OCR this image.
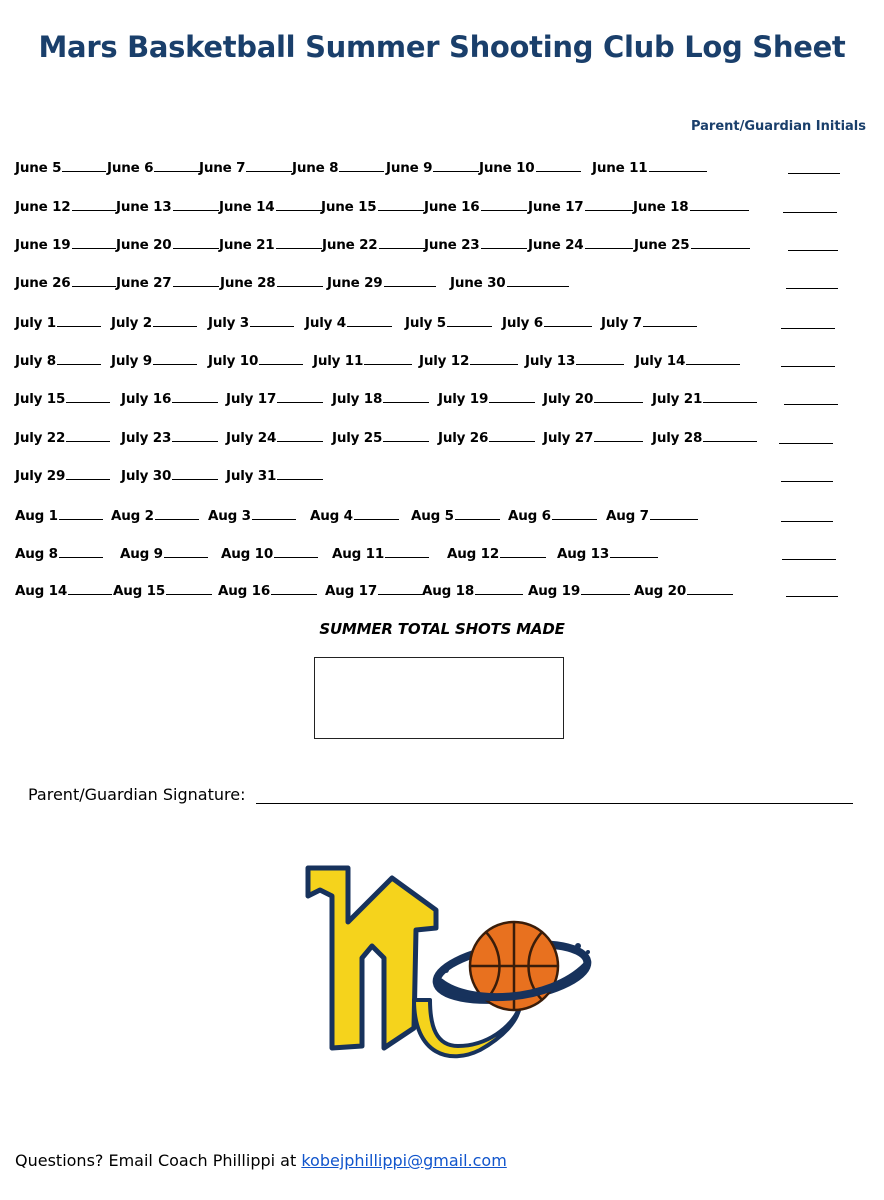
Mars Basketball Summer Shooting Club Log Sheet
Parent/Guardian Initials
June 5	June 6	June 7	June 8	June 9	June 10	June 11
June 12	June 13	June 14	June 15	June 16	June 17	June 18
June 19	June 20	June 21	June 22	June 23	June 24	June 25
June 26	June 27	June 28	June 29	June 30
July 1	July 2	July 3	July 4	July 5	July 6	July 7
July 8	July 9	July 10	July 11	July 12	July 13	July 14
July 15	July 16	July 17	July 18	July 19	July 20	July 21
July 22	July 23	July 24	July 25	July 26	July 27	July 28
July 29	July 30	July 31
Aug 1	Aug 2	Aug 3	Aug 4	Aug 5	Aug 6	Aug 7
Aug 8	Aug 9	Aug 10	Aug 11	Aug 12	Aug 13
Aug 14	Aug 15	Aug 16	Aug 17	Aug 18	Aug 19	Aug 20
SUMMER TOTAL SHOTS MADE
Parent/Guardian Signature:
Questions? Email Coach Phillippi at kobejphillippi@gmail.com
